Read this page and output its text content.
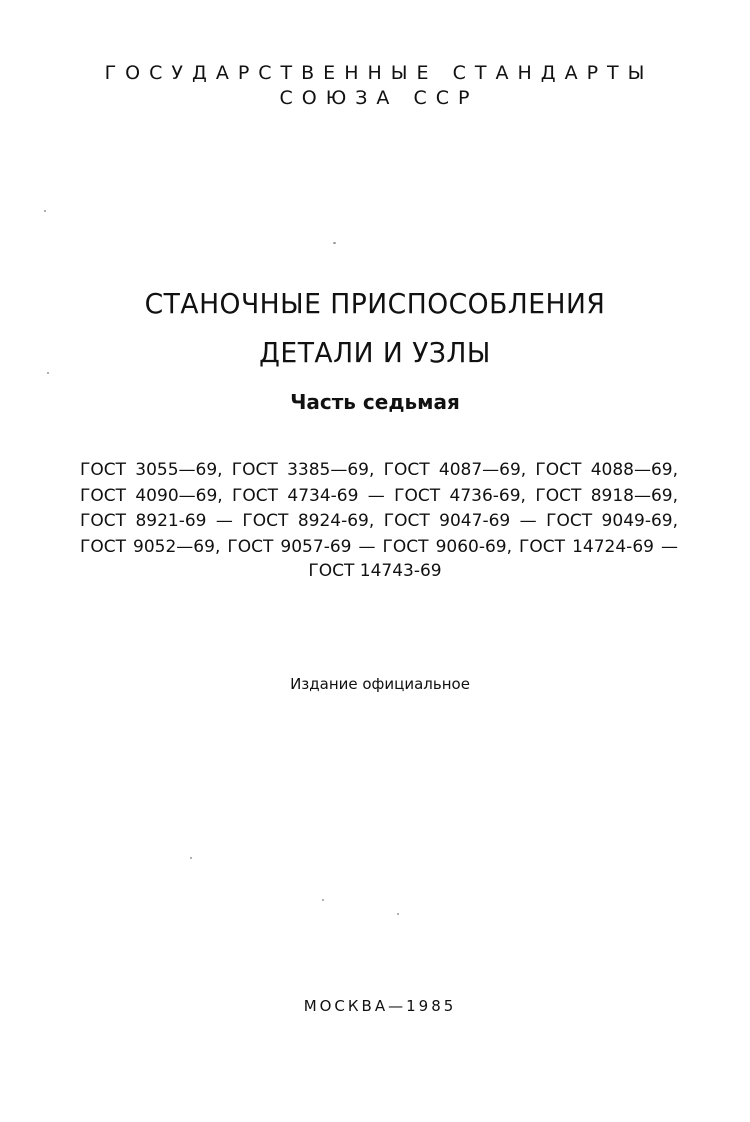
ГОСУДАРСТВЕННЫЕ СТАНДАРТЫ
СОЮЗА ССР
СТАНОЧНЫЕ ПРИСПОСОБЛЕНИЯ
ДЕТАЛИ И УЗЛЫ
Часть седьмая
ГОСТ 3055—69, ГОСТ 3385—69, ГОСТ 4087—69, ГОСТ 4088—69,
ГОСТ 4090—69, ГОСТ 4734-69 — ГОСТ 4736-69, ГОСТ 8918—69,
ГОСТ 8921-69 — ГОСТ 8924-69, ГОСТ 9047-69 — ГОСТ 9049-69,
ГОСТ 9052—69, ГОСТ 9057-69 — ГОСТ 9060-69, ГОСТ 14724-69 —
ГОСТ 14743-69
Издание официальное
МОСКВА—1985
